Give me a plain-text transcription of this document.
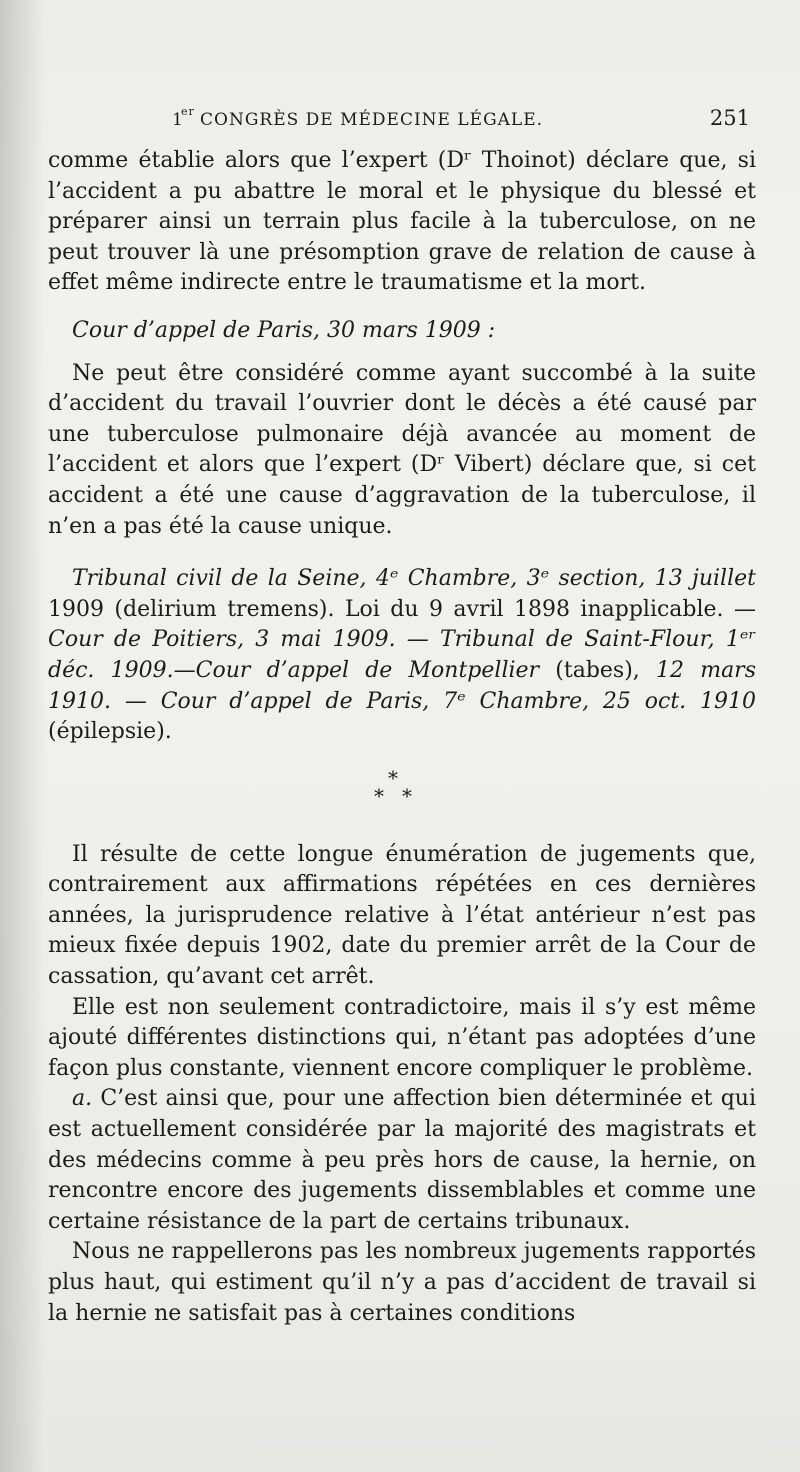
1
er CONGRÈS DE MÉDECINE LÉGALE.	251

comme établie alors que l’expert (Dʳ Thoinot) déclare que, si l’accident a pu abattre le moral et le physique du blessé et préparer ainsi un terrain plus facile à la tuberculose, on ne peut trouver là une présomption grave de relation de cause à effet même indirecte entre le traumatisme et la mort.

Cour d’appel de Paris, 30 mars 1909 :

Ne peut être considéré comme ayant succombé à la suite d’accident du travail l’ouvrier dont le décès a été causé par une tuberculose pulmonaire déjà avancée au moment de l’accident et alors que l’expert (Dʳ Vibert) déclare que, si cet accident a été une cause d’aggravation de la tuberculose, il n’en a pas été la cause unique.

Tribunal civil de la Seine, 4ᵉ Chambre, 3ᵉ section, 13 juillet 1909 (delirium tremens). Loi du 9 avril 1898 inapplicable. — Cour de Poitiers, 3 mai 1909. — Tribunal de Saint-Flour, 1ᵉʳ déc. 1909.—Cour d’appel de Montpellier (tabes), 12 mars 1910. — Cour d’appel de Paris, 7ᵉ Chambre, 25 oct. 1910 (épilepsie).

*
* *

Il résulte de cette longue énumération de jugements que, contrairement aux affirmations répétées en ces dernières années, la jurisprudence relative à l’état antérieur n’est pas mieux fixée depuis 1902, date du premier arrêt de la Cour de cassation, qu’avant cet arrêt.

Elle est non seulement contradictoire, mais il s’y est même ajouté différentes distinctions qui, n’étant pas adoptées d’une façon plus constante, viennent encore compliquer le problème.

a. C’est ainsi que, pour une affection bien déterminée et qui est actuellement considérée par la majorité des magistrats et des médecins comme à peu près hors de cause, la hernie, on rencontre encore des jugements dissemblables et comme une certaine résistance de la part de certains tribunaux.

Nous ne rappellerons pas les nombreux jugements rapportés plus haut, qui estiment qu’il n’y a pas d’accident de travail si la hernie ne satisfait pas à certaines conditions
